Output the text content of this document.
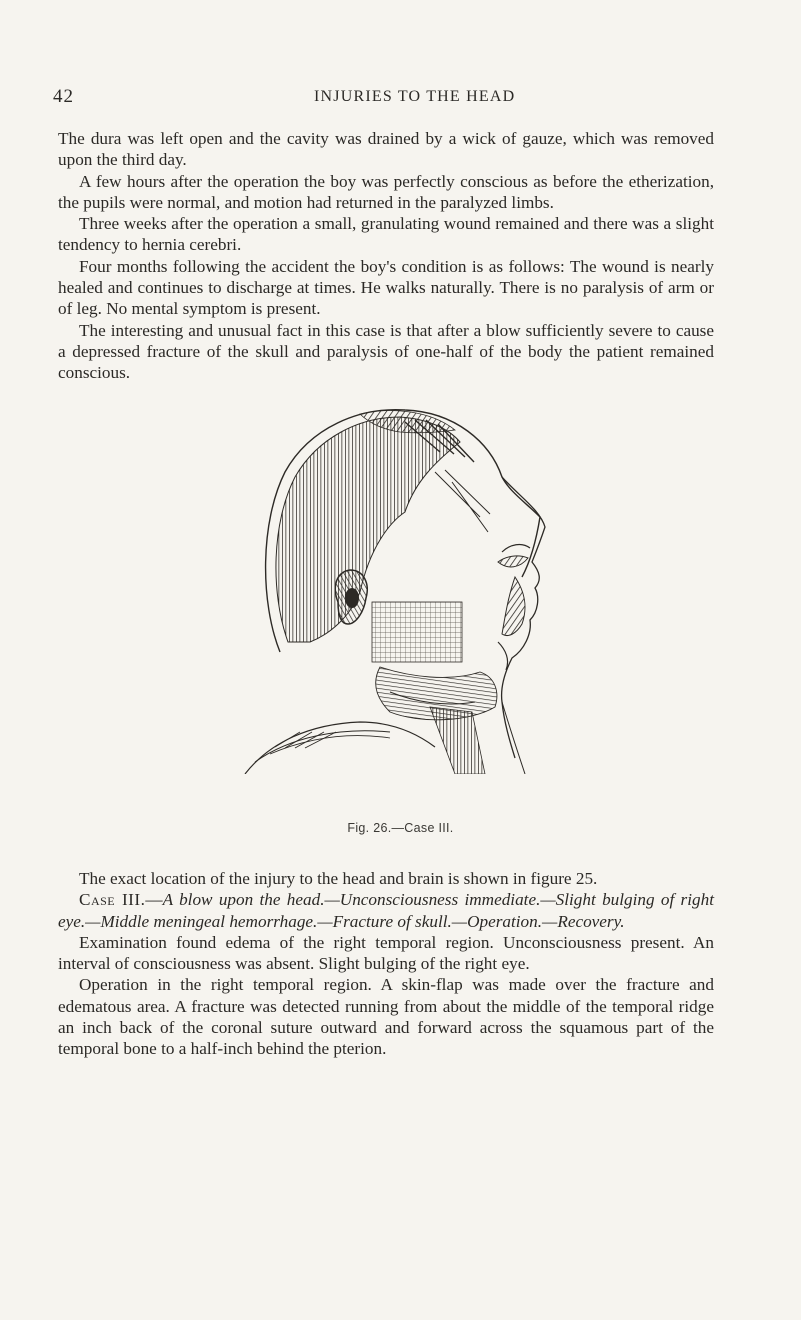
42	INJURIES TO THE HEAD

The dura was left open and the cavity was drained by a wick of gauze, which was removed upon the third day.

A few hours after the operation the boy was perfectly conscious as before the etherization, the pupils were normal, and motion had returned in the paralyzed limbs.

Three weeks after the operation a small, granulating wound remained and there was a slight tendency to hernia cerebri.

Four months following the accident the boy's condition is as follows: The wound is nearly healed and continues to discharge at times. He walks naturally. There is no paralysis of arm or of leg. No mental symptom is present.

The interesting and unusual fact in this case is that after a blow sufficiently severe to cause a depressed fracture of the skull and paralysis of one-half of the body the patient remained conscious.

Fig. 26.—Case III.

The exact location of the injury to the head and brain is shown in figure 25.

Case III.—A blow upon the head.—Unconsciousness immediate.—Slight bulging of right eye.—Middle meningeal hemorrhage.—Fracture of skull.—Operation.—Recovery.

Examination found edema of the right temporal region. Unconsciousness present. An interval of consciousness was absent. Slight bulging of the right eye.

Operation in the right temporal region. A skin-flap was made over the fracture and edematous area. A fracture was detected running from about the middle of the temporal ridge an inch back of the coronal suture outward and forward across the squamous part of the temporal bone to a half-inch behind the pterion.
